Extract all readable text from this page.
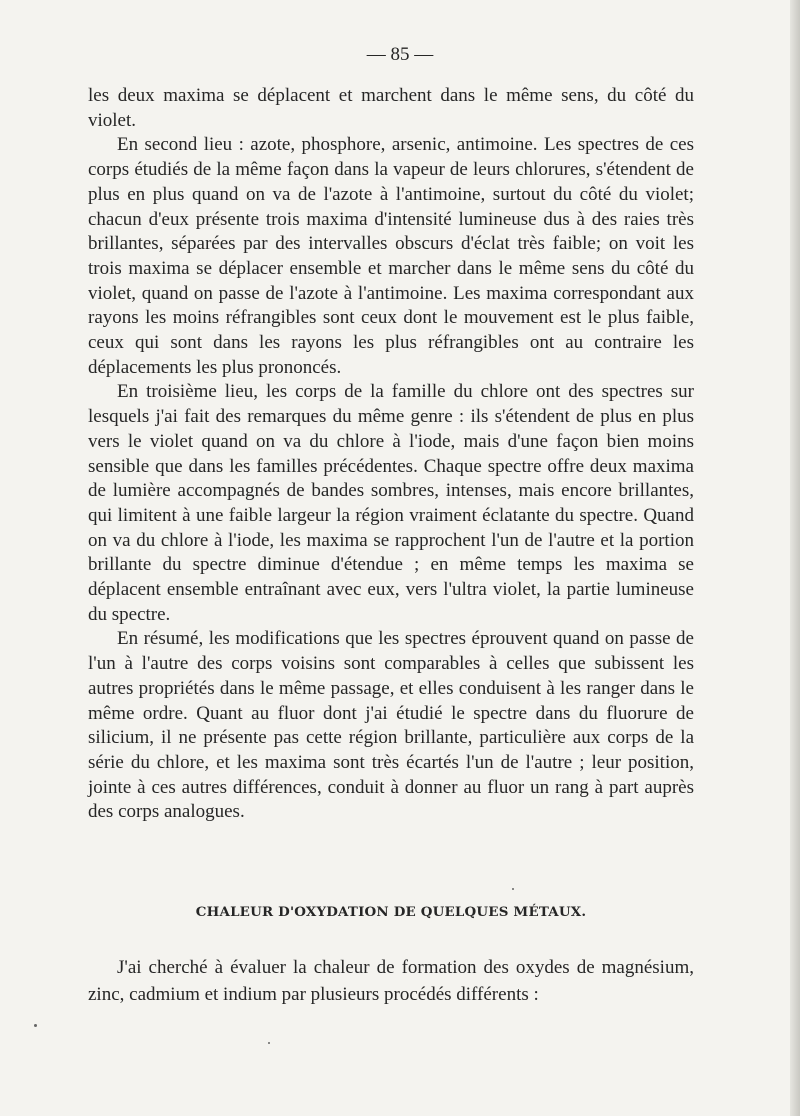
— 85 —

les deux maxima se déplacent et marchent dans le même sens, du côté du violet.

En second lieu : azote, phosphore, arsenic, antimoine. Les spectres de ces corps étudiés de la même façon dans la vapeur de leurs chlorures, s'étendent de plus en plus quand on va de l'azote à l'antimoine, surtout du côté du violet; chacun d'eux présente trois maxima d'intensité lumineuse dus à des raies très brillantes, séparées par des intervalles obscurs d'éclat très faible; on voit les trois maxima se déplacer ensemble et marcher dans le même sens du côté du violet, quand on passe de l'azote à l'antimoine. Les maxima correspondant aux rayons les moins réfrangibles sont ceux dont le mouvement est le plus faible, ceux qui sont dans les rayons les plus réfrangibles ont au contraire les déplacements les plus prononcés.

En troisième lieu, les corps de la famille du chlore ont des spectres sur lesquels j'ai fait des remarques du même genre : ils s'étendent de plus en plus vers le violet quand on va du chlore à l'iode, mais d'une façon bien moins sensible que dans les familles précédentes. Chaque spectre offre deux maxima de lumière accompagnés de bandes sombres, intenses, mais encore brillantes, qui limitent à une faible largeur la région vraiment éclatante du spectre. Quand on va du chlore à l'iode, les maxima se rapprochent l'un de l'autre et la portion brillante du spectre diminue d'étendue ; en même temps les maxima se déplacent ensemble entraînant avec eux, vers l'ultra violet, la partie lumineuse du spectre.

En résumé, les modifications que les spectres éprouvent quand on passe de l'un à l'autre des corps voisins sont comparables à celles que subissent les autres propriétés dans le même passage, et elles conduisent à les ranger dans le même ordre. Quant au fluor dont j'ai étudié le spectre dans du fluorure de silicium, il ne présente pas cette région brillante, particulière aux corps de la série du chlore, et les maxima sont très écartés l'un de l'autre ; leur position, jointe à ces autres différences, conduit à donner au fluor un rang à part auprès des corps analogues.

CHALEUR D'OXYDATION DE QUELQUES MÉTAUX.

J'ai cherché à évaluer la chaleur de formation des oxydes de magnésium, zinc, cadmium et indium par plusieurs procédés différents :
